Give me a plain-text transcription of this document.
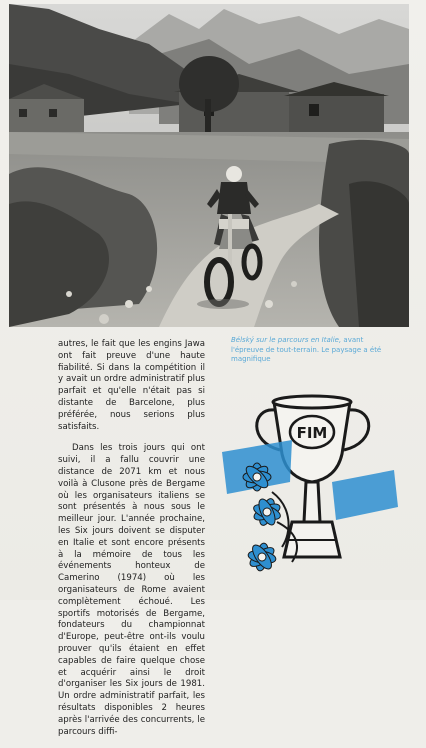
autres, le fait que les engins Jawa ont fait preuve d'une haute fiabilité. Si dans la compétition il y avait un ordre administratif plus parfait et qu'elle n'était pas si distante de Barcelone, plus préférée, nous serions plus satisfaits.

Dans les trois jours qui ont suivi, il a fallu couvrir une distance de 2071 km et nous voilà à Clusone près de Bergame où les organisateurs italiens se sont présentés à nous sous le meilleur jour. L'année prochaine, les Six jours doivent se disputer en Italie et sont encore présents à la mémoire de tous les événements honteux de Camerino (1974) où les organisateurs de Rome avaient complètement échoué. Les sportifs motorisés de Bergame, fondateurs du championnat d'Europe, peut-être ont-ils voulu prouver qu'ils étaient en effet capables de faire quelque chose et acquérir ainsi le droit d'organiser les Six jours de 1981. Un ordre administratif parfait, les résultats disponibles 2 heures après l'arrivée des concurrents, le parcours diffi-

Bélský sur le parcours en Italie, avant l'épreuve de tout-terrain. Le paysage a été magnifique
FIM
